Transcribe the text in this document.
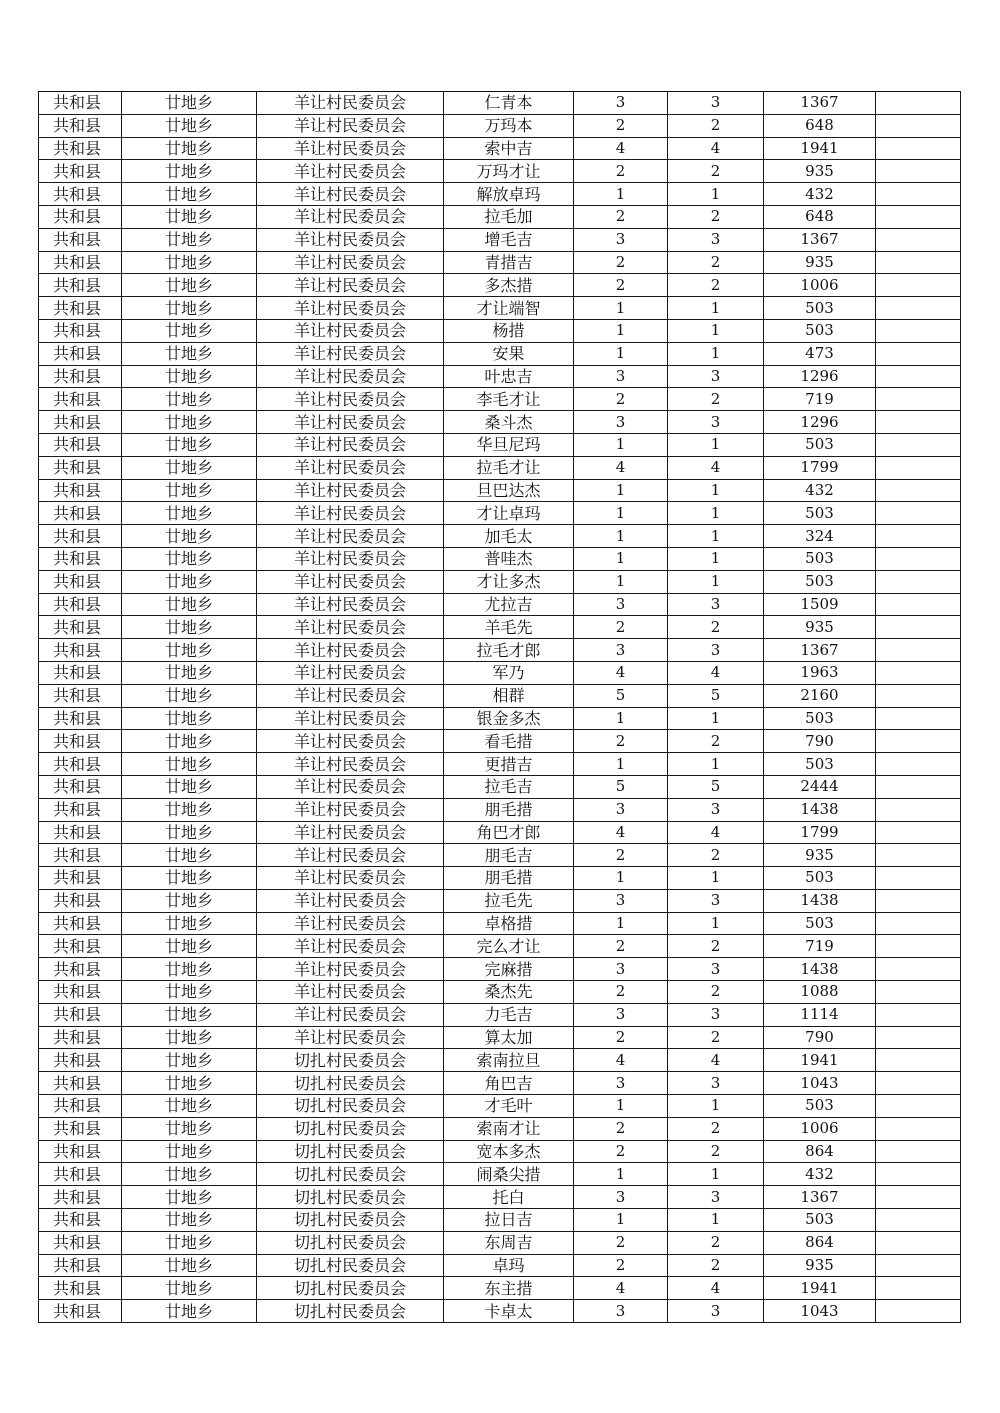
共和县	廿地乡	羊让村民委员会	仁青本	3	3	1367	
共和县	廿地乡	羊让村民委员会	万玛本	2	2	648	
共和县	廿地乡	羊让村民委员会	索中吉	4	4	1941	
共和县	廿地乡	羊让村民委员会	万玛才让	2	2	935	
共和县	廿地乡	羊让村民委员会	解放卓玛	1	1	432	
共和县	廿地乡	羊让村民委员会	拉毛加	2	2	648	
共和县	廿地乡	羊让村民委员会	增毛吉	3	3	1367	
共和县	廿地乡	羊让村民委员会	青措吉	2	2	935	
共和县	廿地乡	羊让村民委员会	多杰措	2	2	1006	
共和县	廿地乡	羊让村民委员会	才让端智	1	1	503	
共和县	廿地乡	羊让村民委员会	杨措	1	1	503	
共和县	廿地乡	羊让村民委员会	安果	1	1	473	
共和县	廿地乡	羊让村民委员会	叶忠吉	3	3	1296	
共和县	廿地乡	羊让村民委员会	李毛才让	2	2	719	
共和县	廿地乡	羊让村民委员会	桑斗杰	3	3	1296	
共和县	廿地乡	羊让村民委员会	华旦尼玛	1	1	503	
共和县	廿地乡	羊让村民委员会	拉毛才让	4	4	1799	
共和县	廿地乡	羊让村民委员会	旦巴达杰	1	1	432	
共和县	廿地乡	羊让村民委员会	才让卓玛	1	1	503	
共和县	廿地乡	羊让村民委员会	加毛太	1	1	324	
共和县	廿地乡	羊让村民委员会	普哇杰	1	1	503	
共和县	廿地乡	羊让村民委员会	才让多杰	1	1	503	
共和县	廿地乡	羊让村民委员会	尤拉吉	3	3	1509	
共和县	廿地乡	羊让村民委员会	羊毛先	2	2	935	
共和县	廿地乡	羊让村民委员会	拉毛才郎	3	3	1367	
共和县	廿地乡	羊让村民委员会	军乃	4	4	1963	
共和县	廿地乡	羊让村民委员会	相群	5	5	2160	
共和县	廿地乡	羊让村民委员会	银金多杰	1	1	503	
共和县	廿地乡	羊让村民委员会	看毛措	2	2	790	
共和县	廿地乡	羊让村民委员会	更措吉	1	1	503	
共和县	廿地乡	羊让村民委员会	拉毛吉	5	5	2444	
共和县	廿地乡	羊让村民委员会	朋毛措	3	3	1438	
共和县	廿地乡	羊让村民委员会	角巴才郎	4	4	1799	
共和县	廿地乡	羊让村民委员会	朋毛吉	2	2	935	
共和县	廿地乡	羊让村民委员会	朋毛措	1	1	503	
共和县	廿地乡	羊让村民委员会	拉毛先	3	3	1438	
共和县	廿地乡	羊让村民委员会	卓格措	1	1	503	
共和县	廿地乡	羊让村民委员会	完么才让	2	2	719	
共和县	廿地乡	羊让村民委员会	完麻措	3	3	1438	
共和县	廿地乡	羊让村民委员会	桑杰先	2	2	1088	
共和县	廿地乡	羊让村民委员会	力毛吉	3	3	1114	
共和县	廿地乡	羊让村民委员会	算太加	2	2	790	
共和县	廿地乡	切扎村民委员会	索南拉旦	4	4	1941	
共和县	廿地乡	切扎村民委员会	角巴吉	3	3	1043	
共和县	廿地乡	切扎村民委员会	才毛叶	1	1	503	
共和县	廿地乡	切扎村民委员会	索南才让	2	2	1006	
共和县	廿地乡	切扎村民委员会	宽本多杰	2	2	864	
共和县	廿地乡	切扎村民委员会	闹桑尖措	1	1	432	
共和县	廿地乡	切扎村民委员会	托白	3	3	1367	
共和县	廿地乡	切扎村民委员会	拉日吉	1	1	503	
共和县	廿地乡	切扎村民委员会	东周吉	2	2	864	
共和县	廿地乡	切扎村民委员会	卓玛	2	2	935	
共和县	廿地乡	切扎村民委员会	东主措	4	4	1941	
共和县	廿地乡	切扎村民委员会	卡卓太	3	3	1043	
